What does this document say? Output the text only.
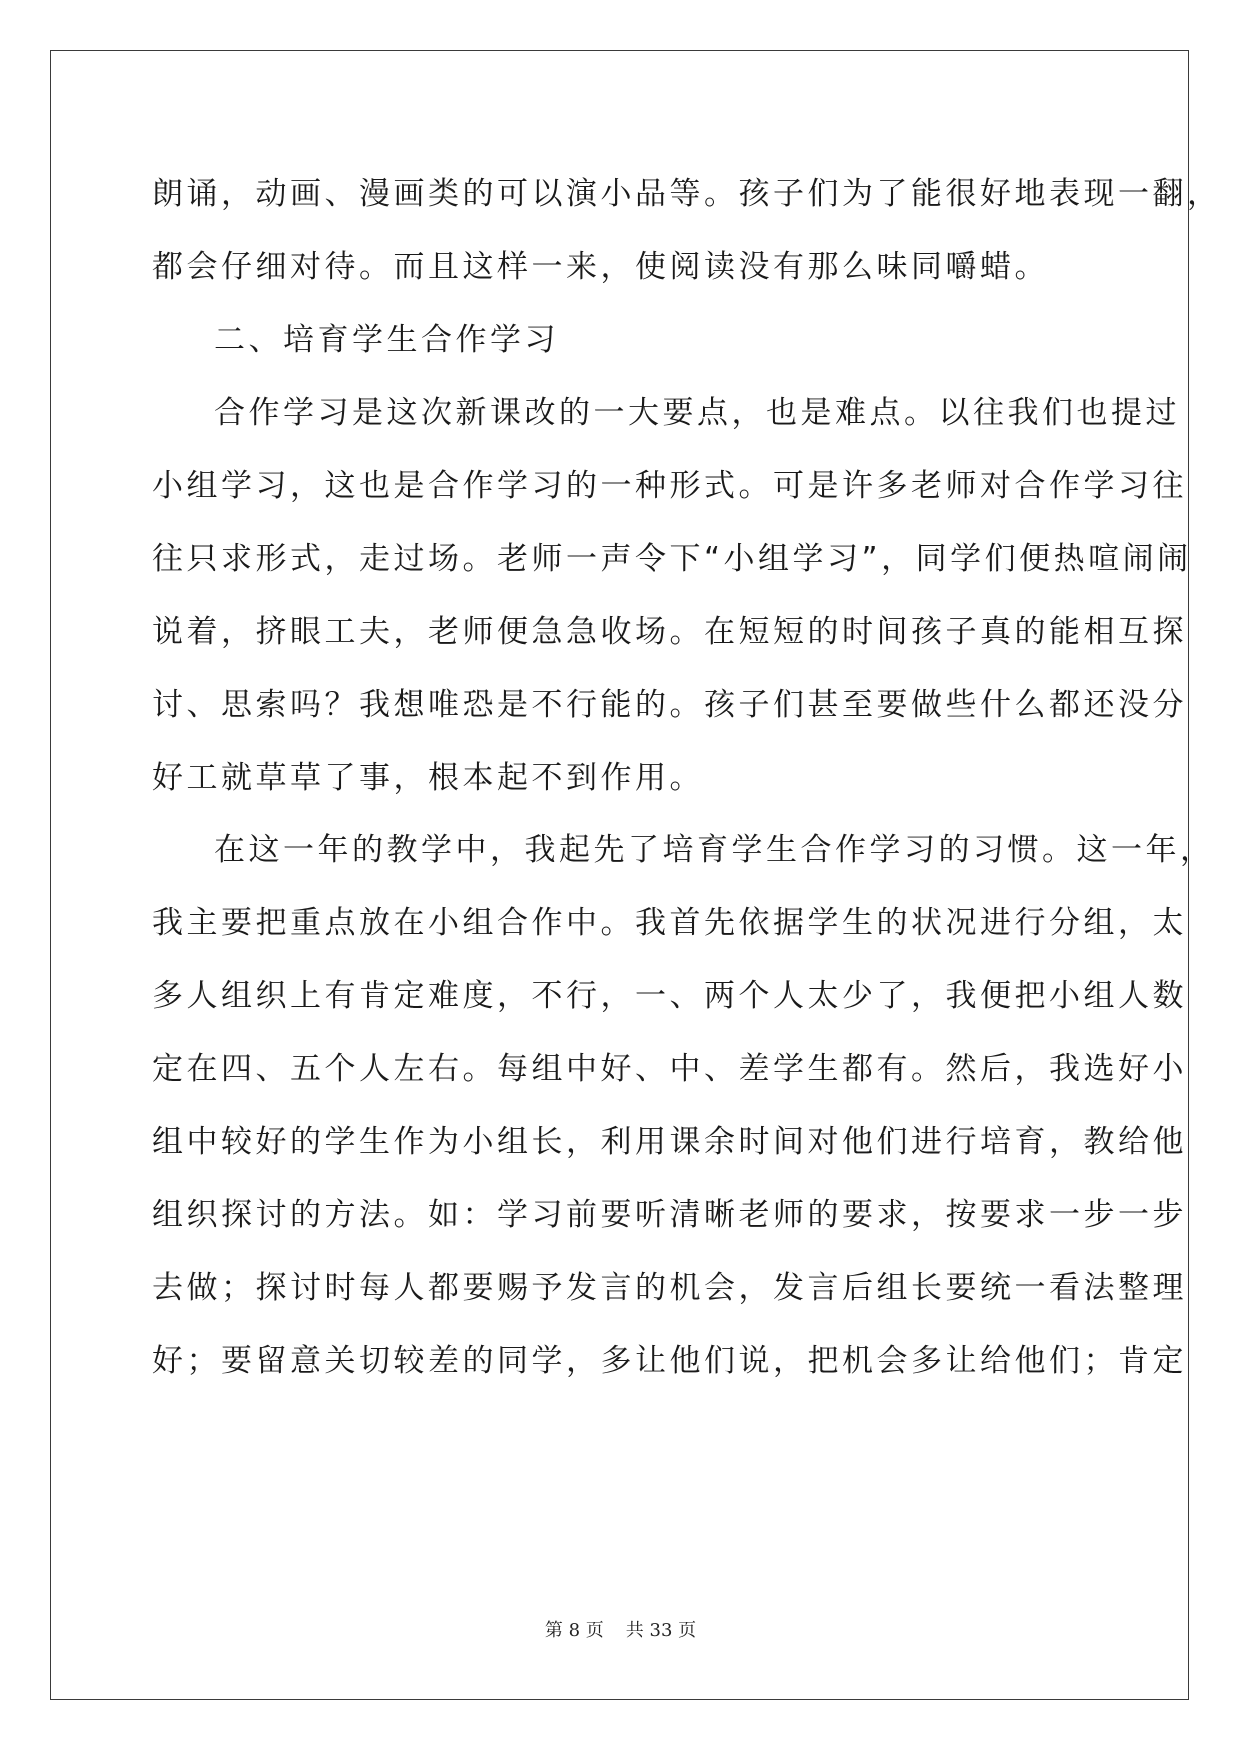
朗诵，动画、漫画类的可以演小品等。孩子们为了能很好地表现一翻，
都会仔细对待。而且这样一来，使阅读没有那么味同嚼蜡。
二、培育学生合作学习
合作学习是这次新课改的一大要点，也是难点。以往我们也提过
小组学习，这也是合作学习的一种形式。可是许多老师对合作学习往
往只求形式，走过场。老师一声令下“小组学习”，同学们便热喧闹闹
说着，挤眼工夫，老师便急急收场。在短短的时间孩子真的能相互探
讨、思索吗？我想唯恐是不行能的。孩子们甚至要做些什么都还没分
好工就草草了事，根本起不到作用。
在这一年的教学中，我起先了培育学生合作学习的习惯。这一年，
我主要把重点放在小组合作中。我首先依据学生的状况进行分组，太
多人组织上有肯定难度，不行，一、两个人太少了，我便把小组人数
定在四、五个人左右。每组中好、中、差学生都有。然后，我选好小
组中较好的学生作为小组长，利用课余时间对他们进行培育，教给他
组织探讨的方法。如：学习前要听清晰老师的要求，按要求一步一步
去做；探讨时每人都要赐予发言的机会，发言后组长要统一看法整理
好；要留意关切较差的同学，多让他们说，把机会多让给他们；肯定
第 8 页 共 33 页
